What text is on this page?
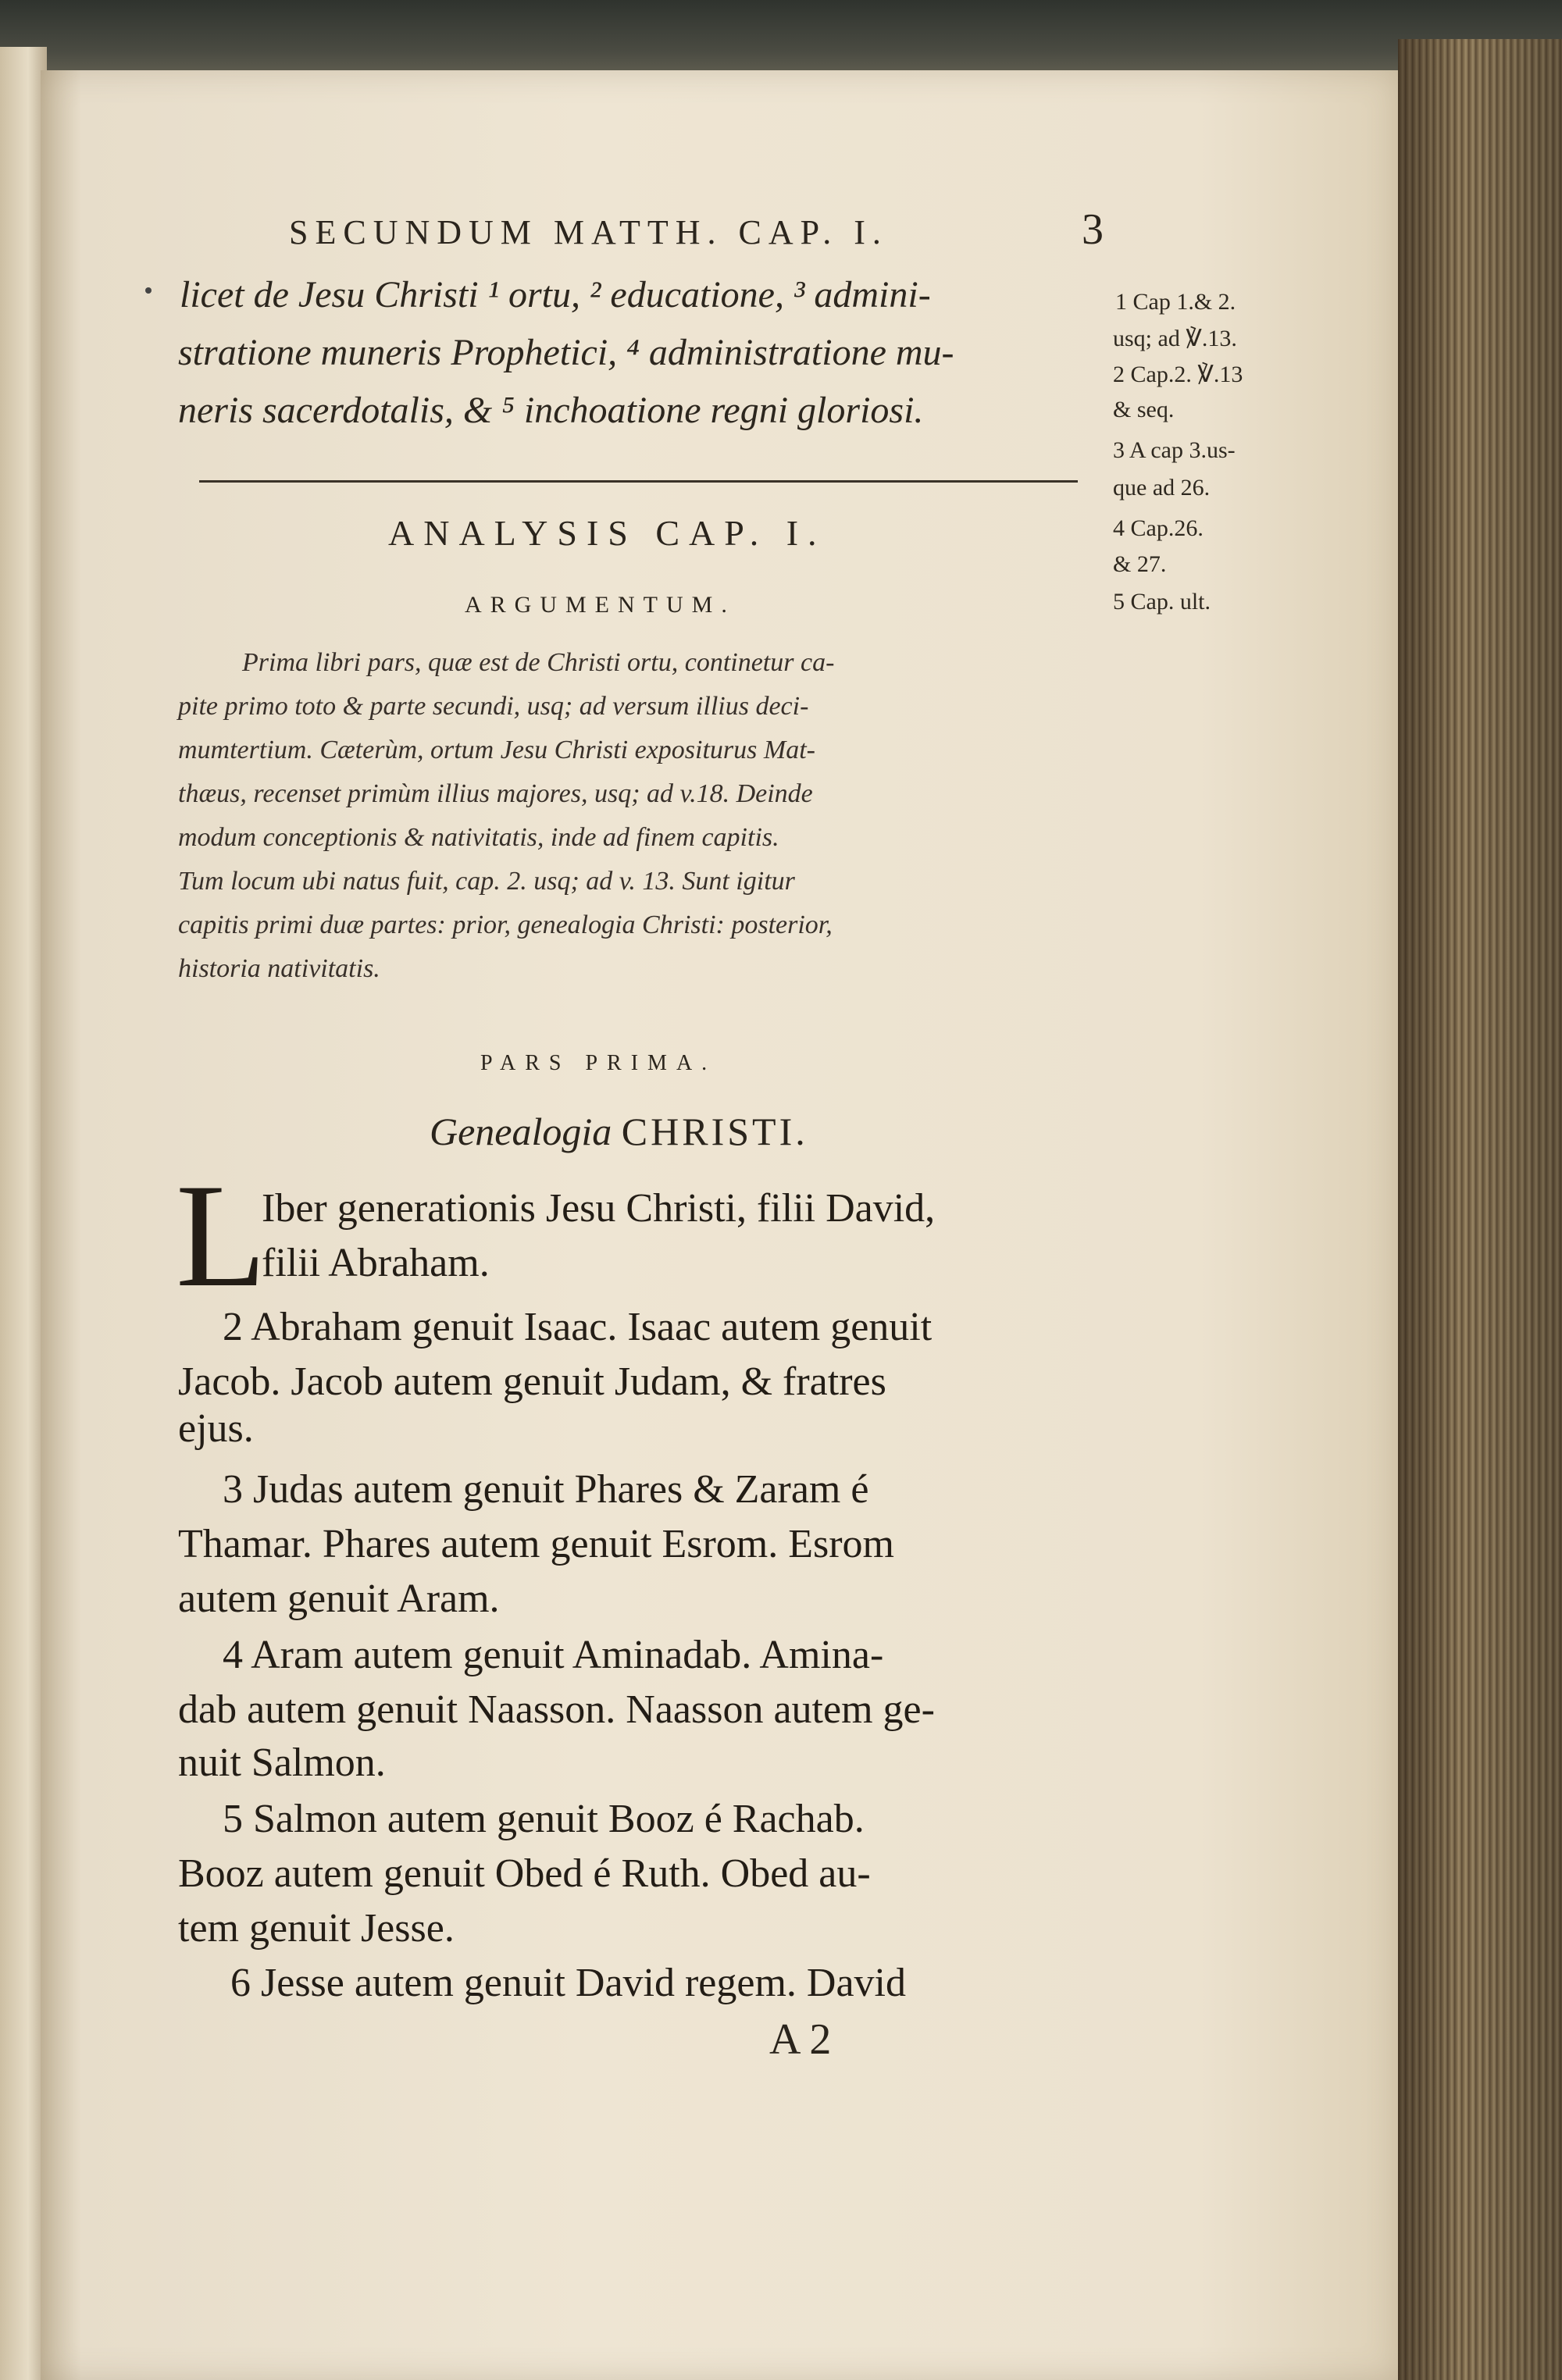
SECUNDUM MATTH. CAP. I.	3
licet de Jesu Christi ¹ ortu, ² educatione, ³ admini-
stratione muneris Prophetici, ⁴ administratione mu-
neris sacerdotalis, & ⁵ inchoatione regni gloriosi.
1 Cap 1.& 2.
usq; ad ℣.13.
2 Cap.2. ℣.13
& seq.
3 A cap 3.us-
que ad 26.
4 Cap.26.
& 27.
5 Cap. ult.
ANALYSIS CAP. I.
ARGUMENTUM.
Prima libri pars, quæ est de Christi ortu, continetur ca-
pite primo toto & parte secundi, usq; ad versum illius deci-
mumtertium. Cæterùm, ortum Jesu Christi expositurus Mat-
thæus, recenset primùm illius majores, usq; ad v.18. Deinde
modum conceptionis & nativitatis, inde ad finem capitis.
Tum locum ubi natus fuit, cap. 2. usq; ad v. 13. Sunt igitur
capitis primi duæ partes: prior, genealogia Christi: posterior,
historia nativitatis.
PARS PRIMA.
Genealogia CHRISTI.
L
Iber generationis Jesu Christi, filii David,
filii Abraham.
2 Abraham genuit Isaac. Isaac autem genuit
Jacob. Jacob autem genuit Judam, & fratres
ejus.
3 Judas autem genuit Phares & Zaram é
Thamar. Phares autem genuit Esrom. Esrom
autem genuit Aram.
4 Aram autem genuit Aminadab. Amina-
dab autem genuit Naasson. Naasson autem ge-
nuit Salmon.
5 Salmon autem genuit Booz é Rachab.
Booz autem genuit Obed é Ruth. Obed au-
tem genuit Jesse.
6 Jesse autem genuit David regem. David
A 2
